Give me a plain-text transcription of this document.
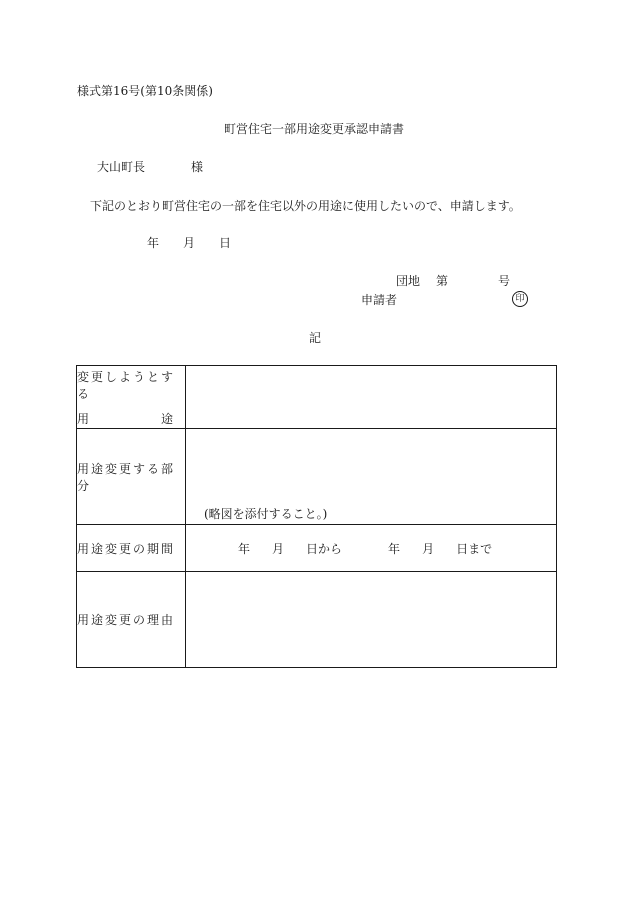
様式第16号(第10条関係)
町営住宅一部用途変更承認申請書
大山町長	様
下記のとおり町営住宅の一部を住宅以外の用途に使用したいので、申請します。
年 月 日
団地 第	号
申請者	印
記
変更しようとする
用 途	

用途変更する部分	(略図を添付すること。)

用途変更の期間	年 月 日から 年 月 日まで

用途変更の理由	
